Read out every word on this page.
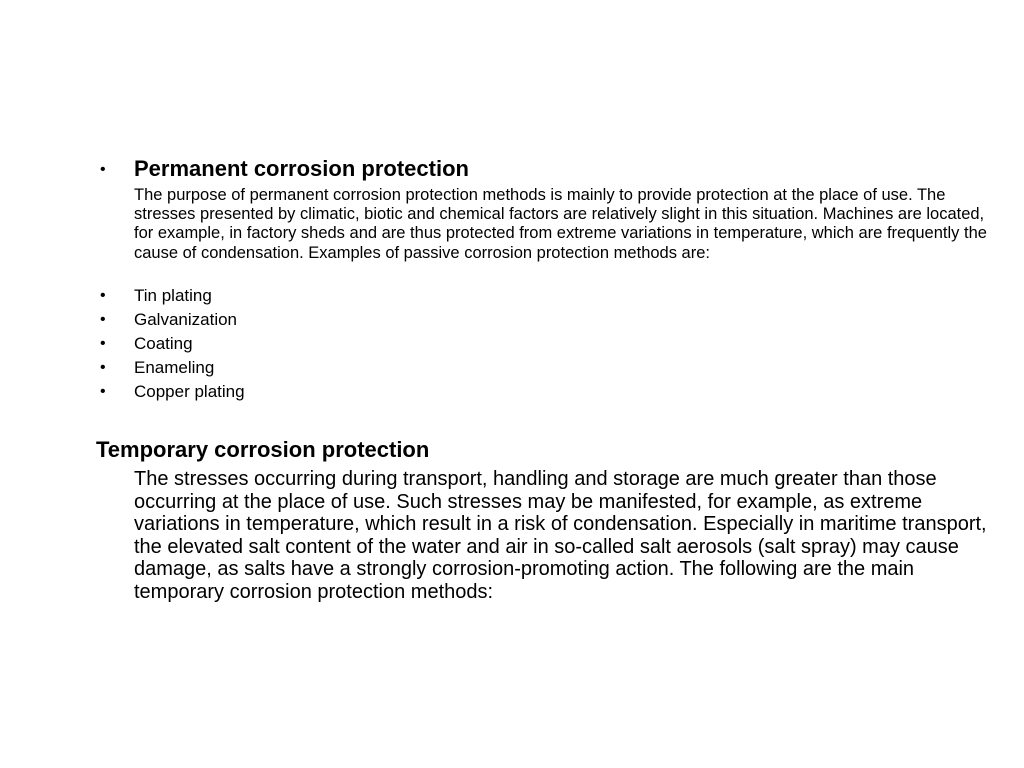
• Permanent corrosion protection
The purpose of permanent corrosion protection methods is mainly to provide protection at the place of use. The stresses presented by climatic, biotic and chemical factors are relatively slight in this situation. Machines are located, for example, in factory sheds and are thus protected from extreme variations in temperature, which are frequently the cause of condensation. Examples of passive corrosion protection methods are:
• Tin plating
• Galvanization
• Coating
• Enameling
• Copper plating
Temporary corrosion protection
The stresses occurring during transport, handling and storage are much greater than those occurring at the place of use. Such stresses may be manifested, for example, as extreme variations in temperature, which result in a risk of condensation. Especially in maritime transport, the elevated salt content of the water and air in so-called salt aerosols (salt spray) may cause damage, as salts have a strongly corrosion-promoting action. The following are the main temporary corrosion protection methods:
